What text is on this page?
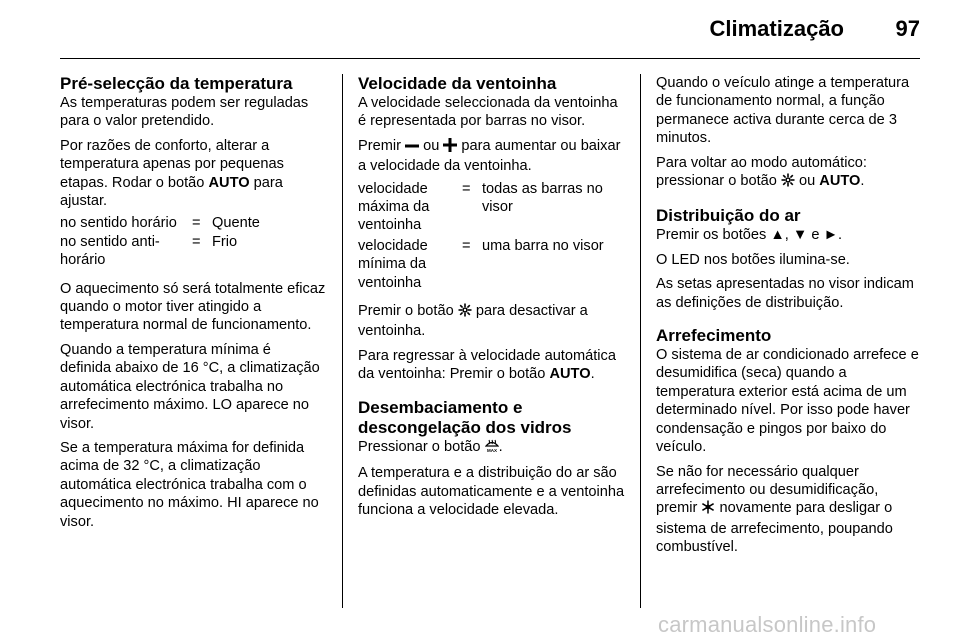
Climatização	97
Pré-selecção da temperatura

As temperaturas podem ser reguladas para o valor pretendido.

Por razões de conforto, alterar a temperatura apenas por pequenas etapas. Rodar o botão AUTO para ajustar.

no sentido horário	=	Quente
no sentido anti-horário	=	Frio

O aquecimento só será totalmente eficaz quando o motor tiver atingido a temperatura normal de funcionamento.

Quando a temperatura mínima é definida abaixo de 16 °C, a climatização automática electrónica trabalha no arrefecimento máximo. LO aparece no visor.

Se a temperatura máxima for definida acima de 32 °C, a climatização automática electrónica trabalha com o aquecimento no máximo. HI aparece no visor.

Velocidade da ventoinha

A velocidade seleccionada da ventoinha é representada por barras no visor.

Premir  ou  para aumentar ou baixar a velocidade da ventoinha.

velocidade máxima da ventoinha	=	todas as barras no visor
velocidade mínima da ventoinha	=	uma barra no visor

Premir o botão  para desactivar a ventoinha.

Para regressar à velocidade automática da ventoinha: Premir o botão AUTO.

Desembaciamento e descongelação dos vidros

Pressionar o botão MAX .

A temperatura e a distribuição do ar são definidas automaticamente e a ventoinha funciona a velocidade elevada.

Quando o veículo atinge a temperatura de funcionamento normal, a função permanece activa durante cerca de 3 minutos.

Para voltar ao modo automático: pressionar o botão  ou AUTO.

Distribuição do ar

Premir os botões ▲, ▼ e ►.

O LED nos botões ilumina-se.

As setas apresentadas no visor indicam as definições de distribuição.

Arrefecimento

O sistema de ar condicionado arrefece e desumidifica (seca) quando a temperatura exterior está acima de um determinado nível. Por isso pode haver condensação e pingos por baixo do veículo.

Se não for necessário qualquer arrefecimento ou desumidificação,

premir  novamente para desligar o sistema de arrefecimento, poupando combustível.

carmanualsonline.info
